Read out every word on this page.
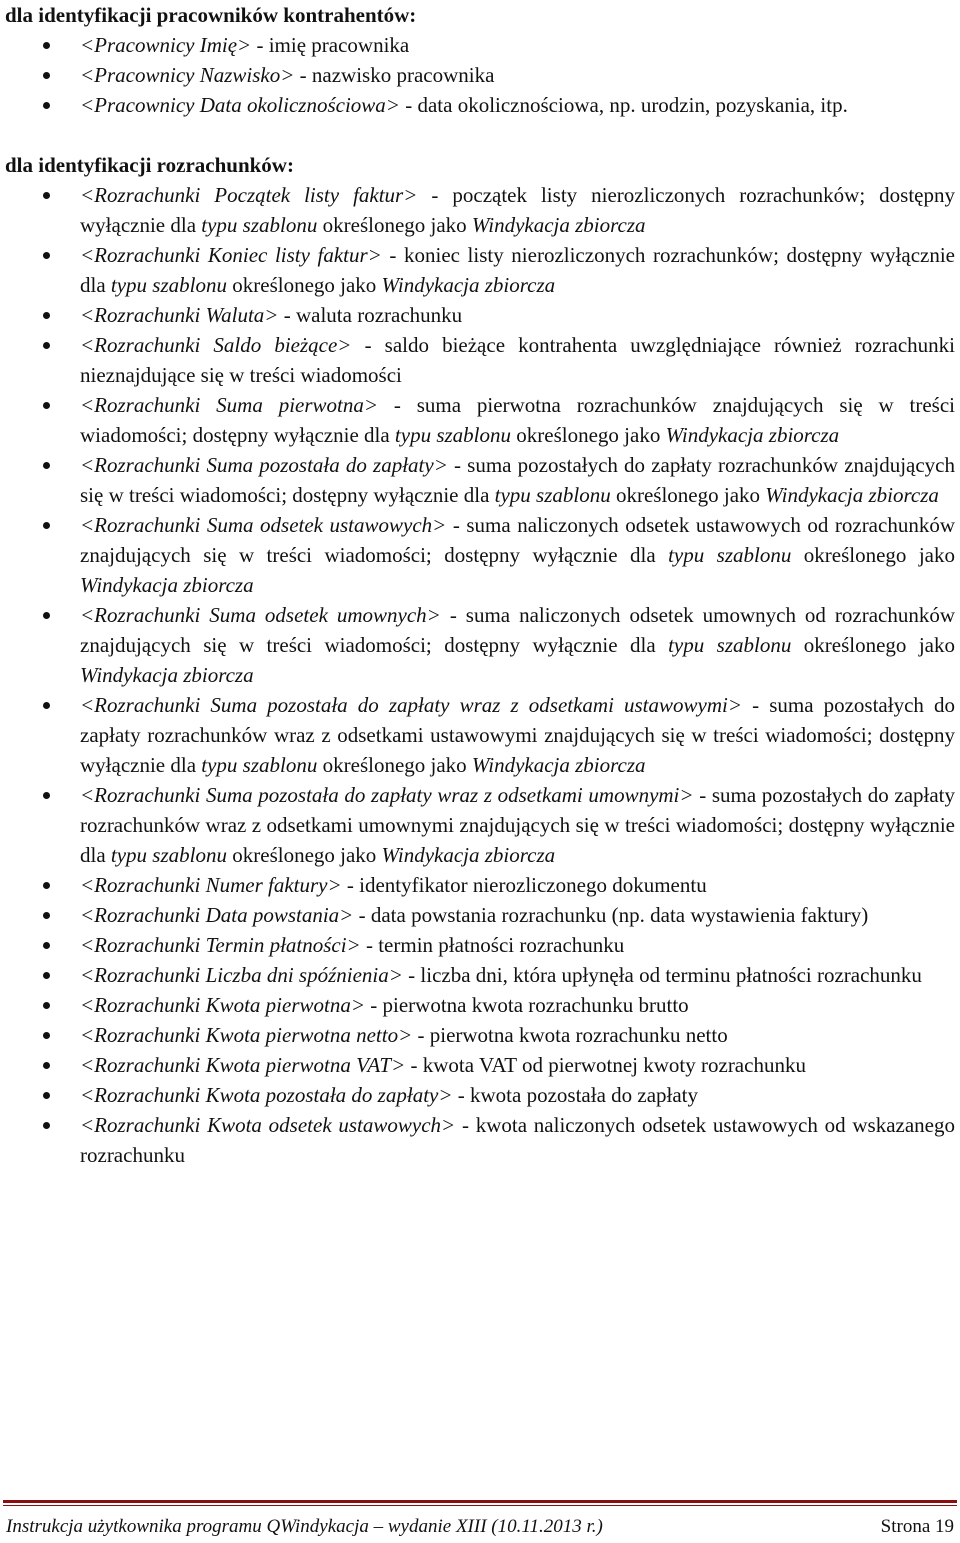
dla identyfikacji pracowników kontrahentów:

<Pracownicy Imię> - imię pracownika
<Pracownicy Nazwisko> - nazwisko pracownika
<Pracownicy Data okolicznościowa> - data okolicznościowa, np. urodzin, pozyskania, itp.

dla identyfikacji rozrachunków:

<Rozrachunki Początek listy faktur> - początek listy nierozliczonych rozrachunków; dostępny wyłącznie dla typu szablonu określonego jako Windykacja zbiorcza
<Rozrachunki Koniec listy faktur> - koniec listy nierozliczonych rozrachunków; dostępny wyłącznie dla typu szablonu określonego jako Windykacja zbiorcza
<Rozrachunki Waluta> - waluta rozrachunku
<Rozrachunki Saldo bieżące> - saldo bieżące kontrahenta uwzględniające również rozrachunki nieznajdujące się w treści wiadomości
<Rozrachunki Suma pierwotna> - suma pierwotna rozrachunków znajdujących się w treści wiadomości; dostępny wyłącznie dla typu szablonu określonego jako Windykacja zbiorcza
<Rozrachunki Suma pozostała do zapłaty> - suma pozostałych do zapłaty rozrachunków znajdujących się w treści wiadomości; dostępny wyłącznie dla typu szablonu określonego jako Windykacja zbiorcza
<Rozrachunki Suma odsetek ustawowych> - suma naliczonych odsetek ustawowych od rozrachunków znajdujących się w treści wiadomości; dostępny wyłącznie dla typu szablonu określonego jako Windykacja zbiorcza
<Rozrachunki Suma odsetek umownych> - suma naliczonych odsetek umownych od rozrachunków znajdujących się w treści wiadomości; dostępny wyłącznie dla typu szablonu określonego jako Windykacja zbiorcza
<Rozrachunki Suma pozostała do zapłaty wraz z odsetkami ustawowymi> - suma pozostałych do zapłaty rozrachunków wraz z odsetkami ustawowymi znajdujących się w treści wiadomości; dostępny wyłącznie dla typu szablonu określonego jako Windykacja zbiorcza
<Rozrachunki Suma pozostała do zapłaty wraz z odsetkami umownymi> - suma pozostałych do zapłaty rozrachunków wraz z odsetkami umownymi znajdujących się w treści wiadomości; dostępny wyłącznie dla typu szablonu określonego jako Windykacja zbiorcza
<Rozrachunki Numer faktury> - identyfikator nierozliczonego dokumentu
<Rozrachunki Data powstania> - data powstania rozrachunku (np. data wystawienia faktury)
<Rozrachunki Termin płatności> - termin płatności rozrachunku
<Rozrachunki Liczba dni spóźnienia> - liczba dni, która upłynęła od terminu płatności rozrachunku
<Rozrachunki Kwota pierwotna> - pierwotna kwota rozrachunku brutto
<Rozrachunki Kwota pierwotna netto> - pierwotna kwota rozrachunku netto
<Rozrachunki Kwota pierwotna VAT> - kwota VAT od pierwotnej kwoty rozrachunku
<Rozrachunki Kwota pozostała do zapłaty> - kwota pozostała do zapłaty
<Rozrachunki Kwota odsetek ustawowych> - kwota naliczonych odsetek ustawowych od wskazanego rozrachunku
Instrukcja użytkownika programu QWindykacja – wydanie XIII (10.11.2013 r.)	Strona 19
